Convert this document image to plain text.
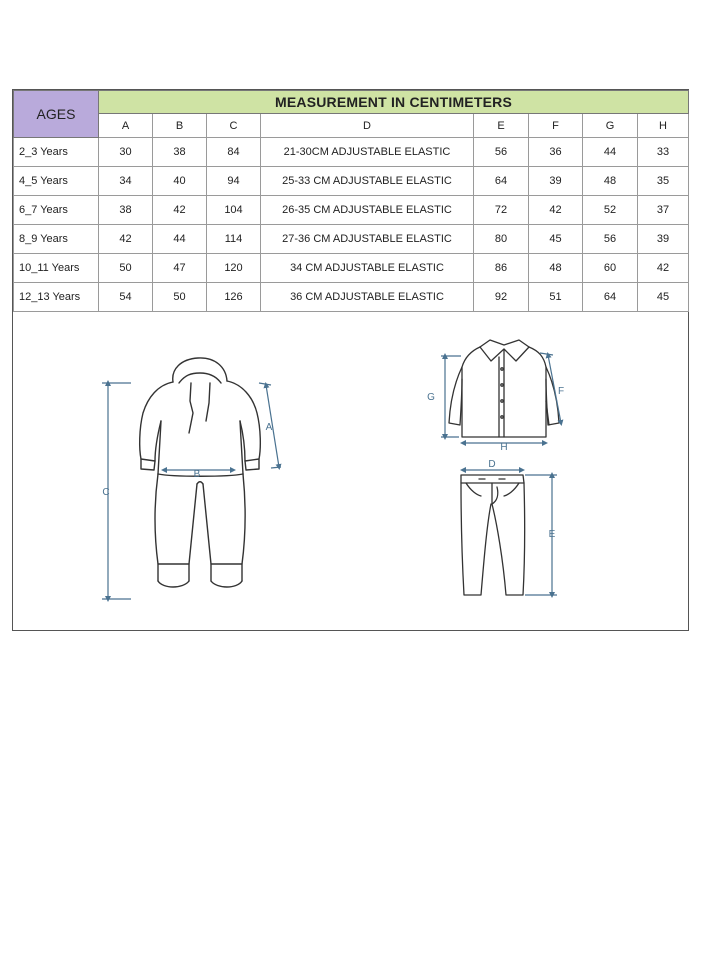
AGES	MEASUREMENT IN CENTIMETERS							
	A	B	C	D	E	F	G	H
2_3 Years	30	38	84	21-30CM ADJUSTABLE ELASTIC	56	36	44	33
4_5 Years	34	40	94	25-33 CM ADJUSTABLE ELASTIC	64	39	48	35
6_7 Years	38	42	104	26-35 CM ADJUSTABLE ELASTIC	72	42	52	37
8_9 Years	42	44	114	27-36 CM ADJUSTABLE ELASTIC	80	45	56	39
10_11 Years	50	47	120	34 CM ADJUSTABLE ELASTIC	86	48	60	42
12_13 Years	54	50	126	36 CM ADJUSTABLE ELASTIC	92	51	64	45
C
A
B
G
F
H
D
E
